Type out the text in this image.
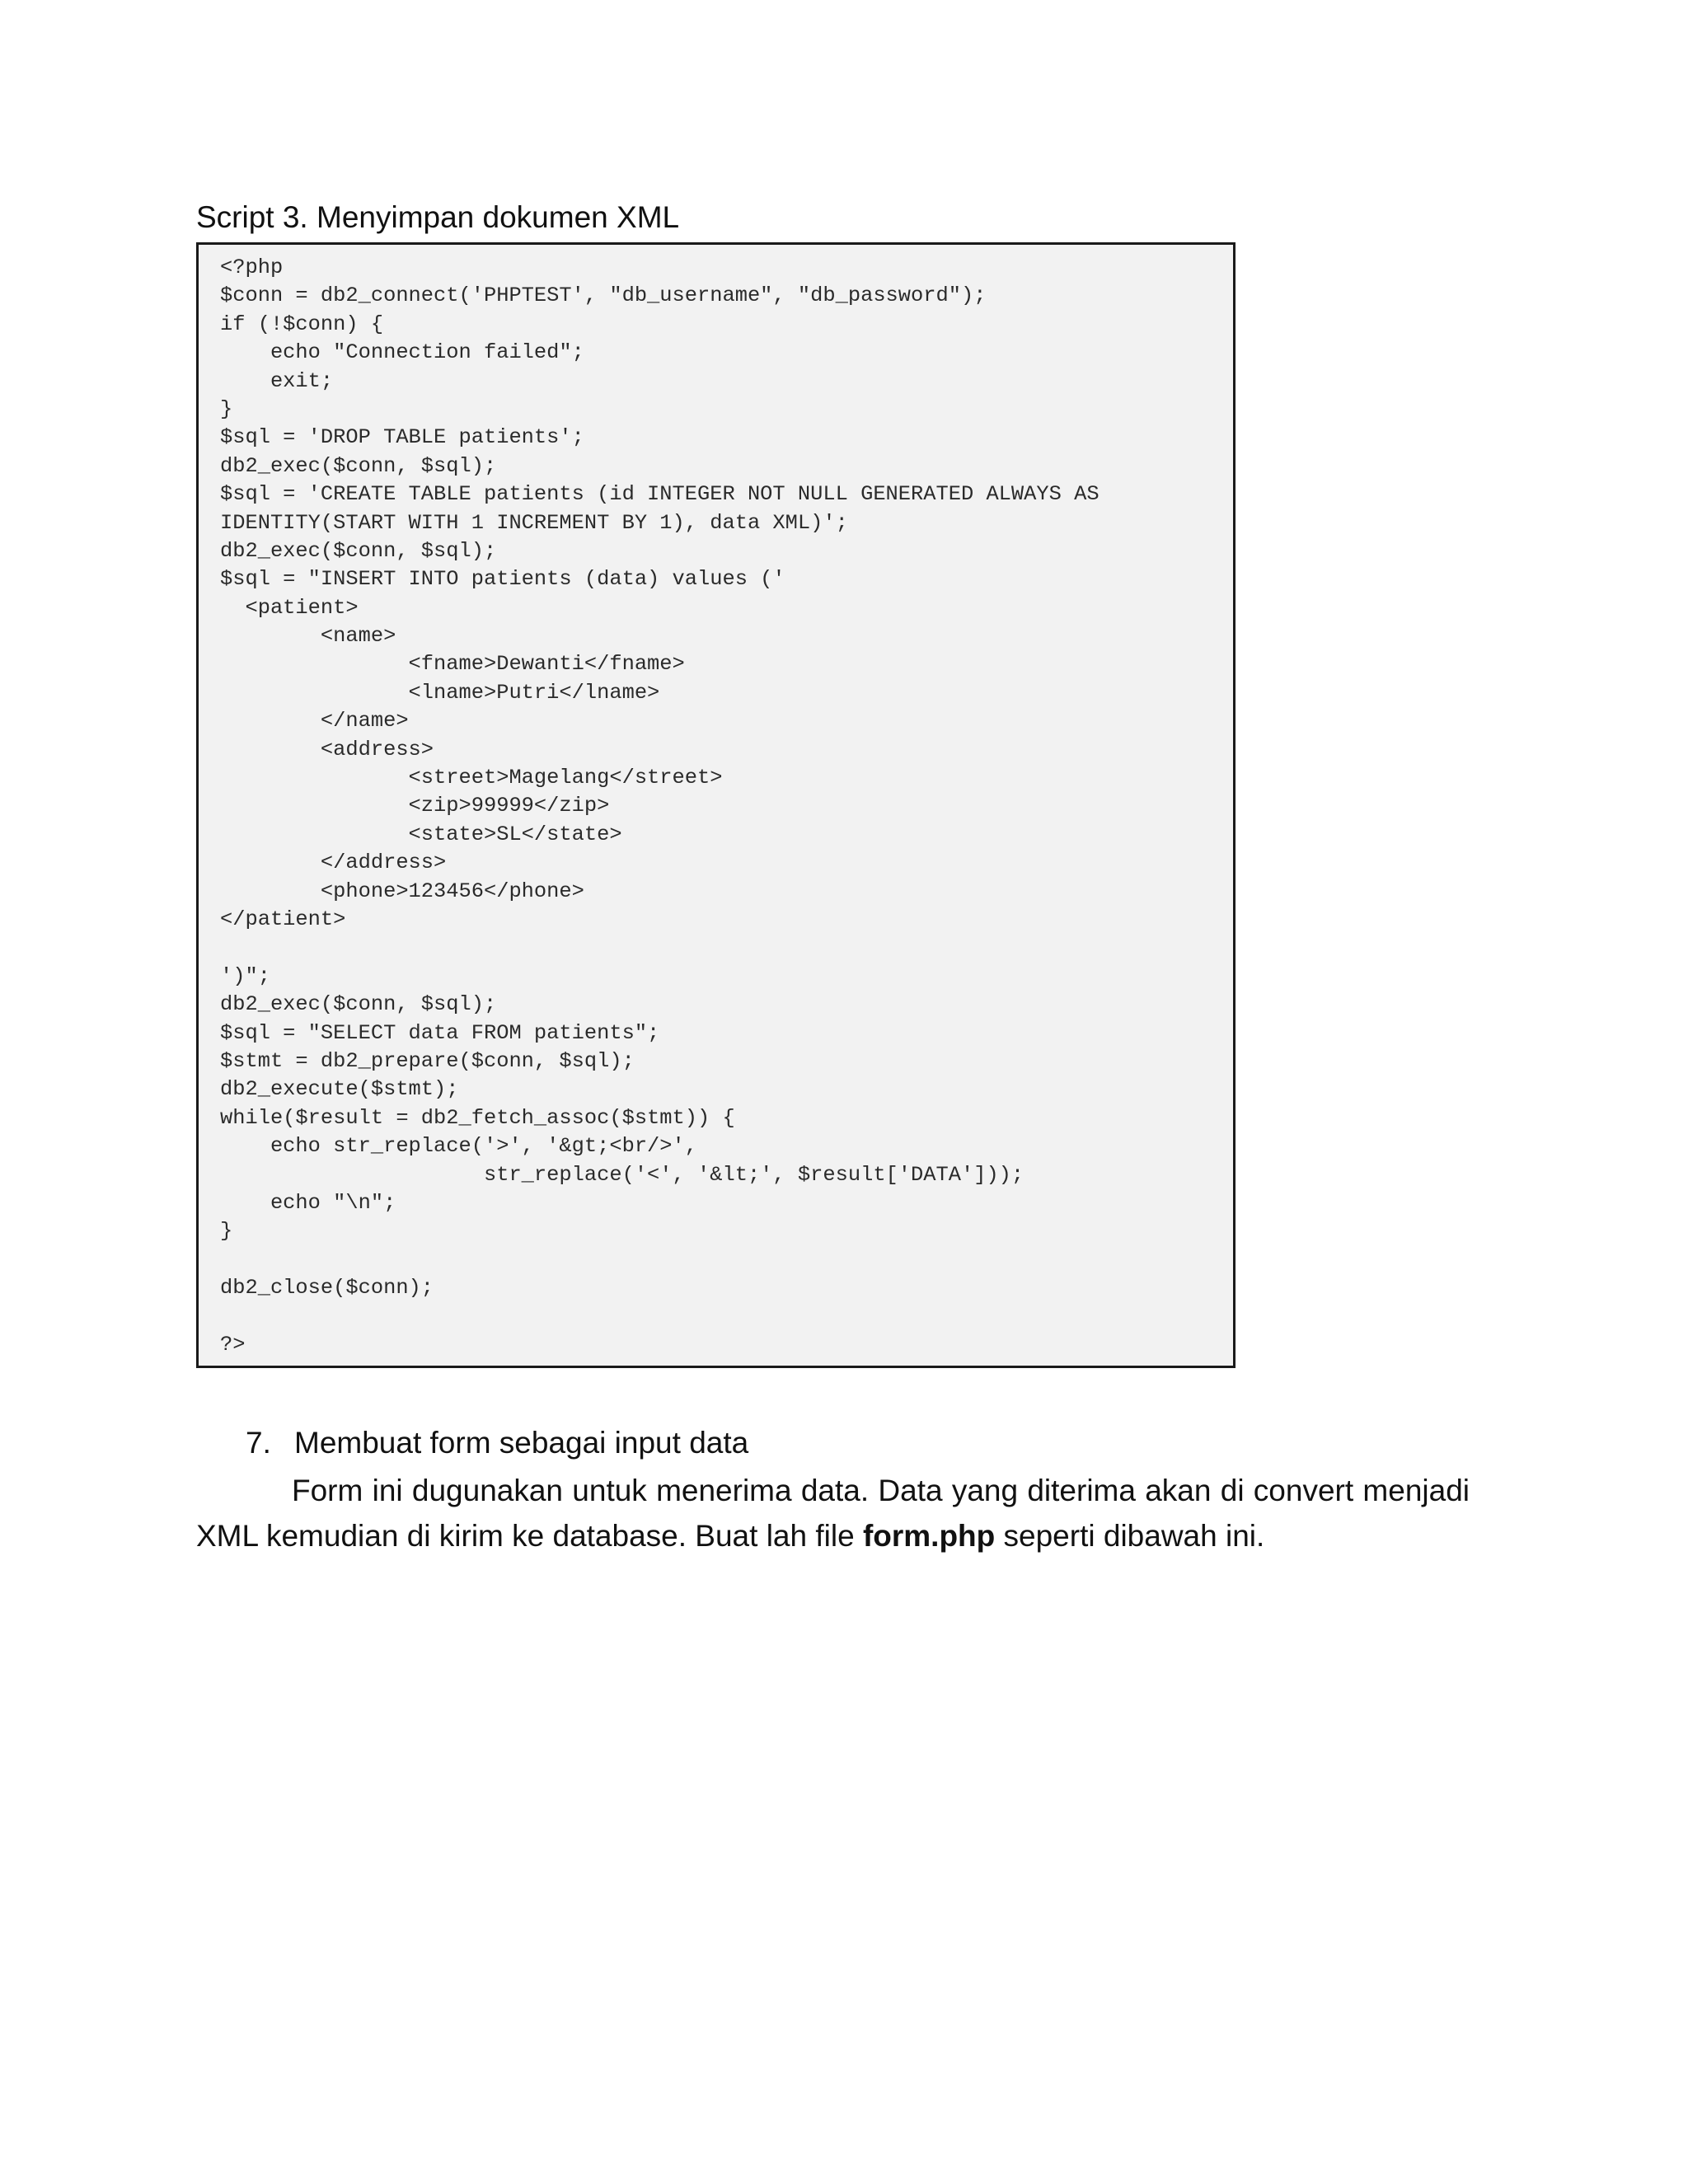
Script 3. Menyimpan dokumen XML
<?php
$conn = db2_connect('PHPTEST', "db_username", "db_password");
if (!$conn) {
echo "Connection failed";
exit;
}
$sql = 'DROP TABLE patients';
db2_exec($conn, $sql);
$sql = 'CREATE TABLE patients (id INTEGER NOT NULL GENERATED ALWAYS AS
IDENTITY(START WITH 1 INCREMENT BY 1), data XML)';
db2_exec($conn, $sql);
$sql = "INSERT INTO patients (data) values ('
<patient>
<name>
<fname>Dewanti</fname>
<lname>Putri</lname>
</name>
<address>
<street>Magelang</street>
<zip>99999</zip>
<state>SL</state>
</address>
<phone>123456</phone>
</patient>
')";
db2_exec($conn, $sql);
$sql = "SELECT data FROM patients";
$stmt = db2_prepare($conn, $sql);
db2_execute($stmt);
while($result = db2_fetch_assoc($stmt)) {
echo str_replace('>', '&gt;<br/>',
str_replace('<', '&lt;', $result['DATA']));
echo "\n";
}
db2_close($conn);
?>
7. Membuat form sebagai input data
Form ini dugunakan untuk menerima data. Data yang diterima akan di convert menjadi
XML kemudian di kirim ke database. Buat lah file form.php seperti dibawah ini.
